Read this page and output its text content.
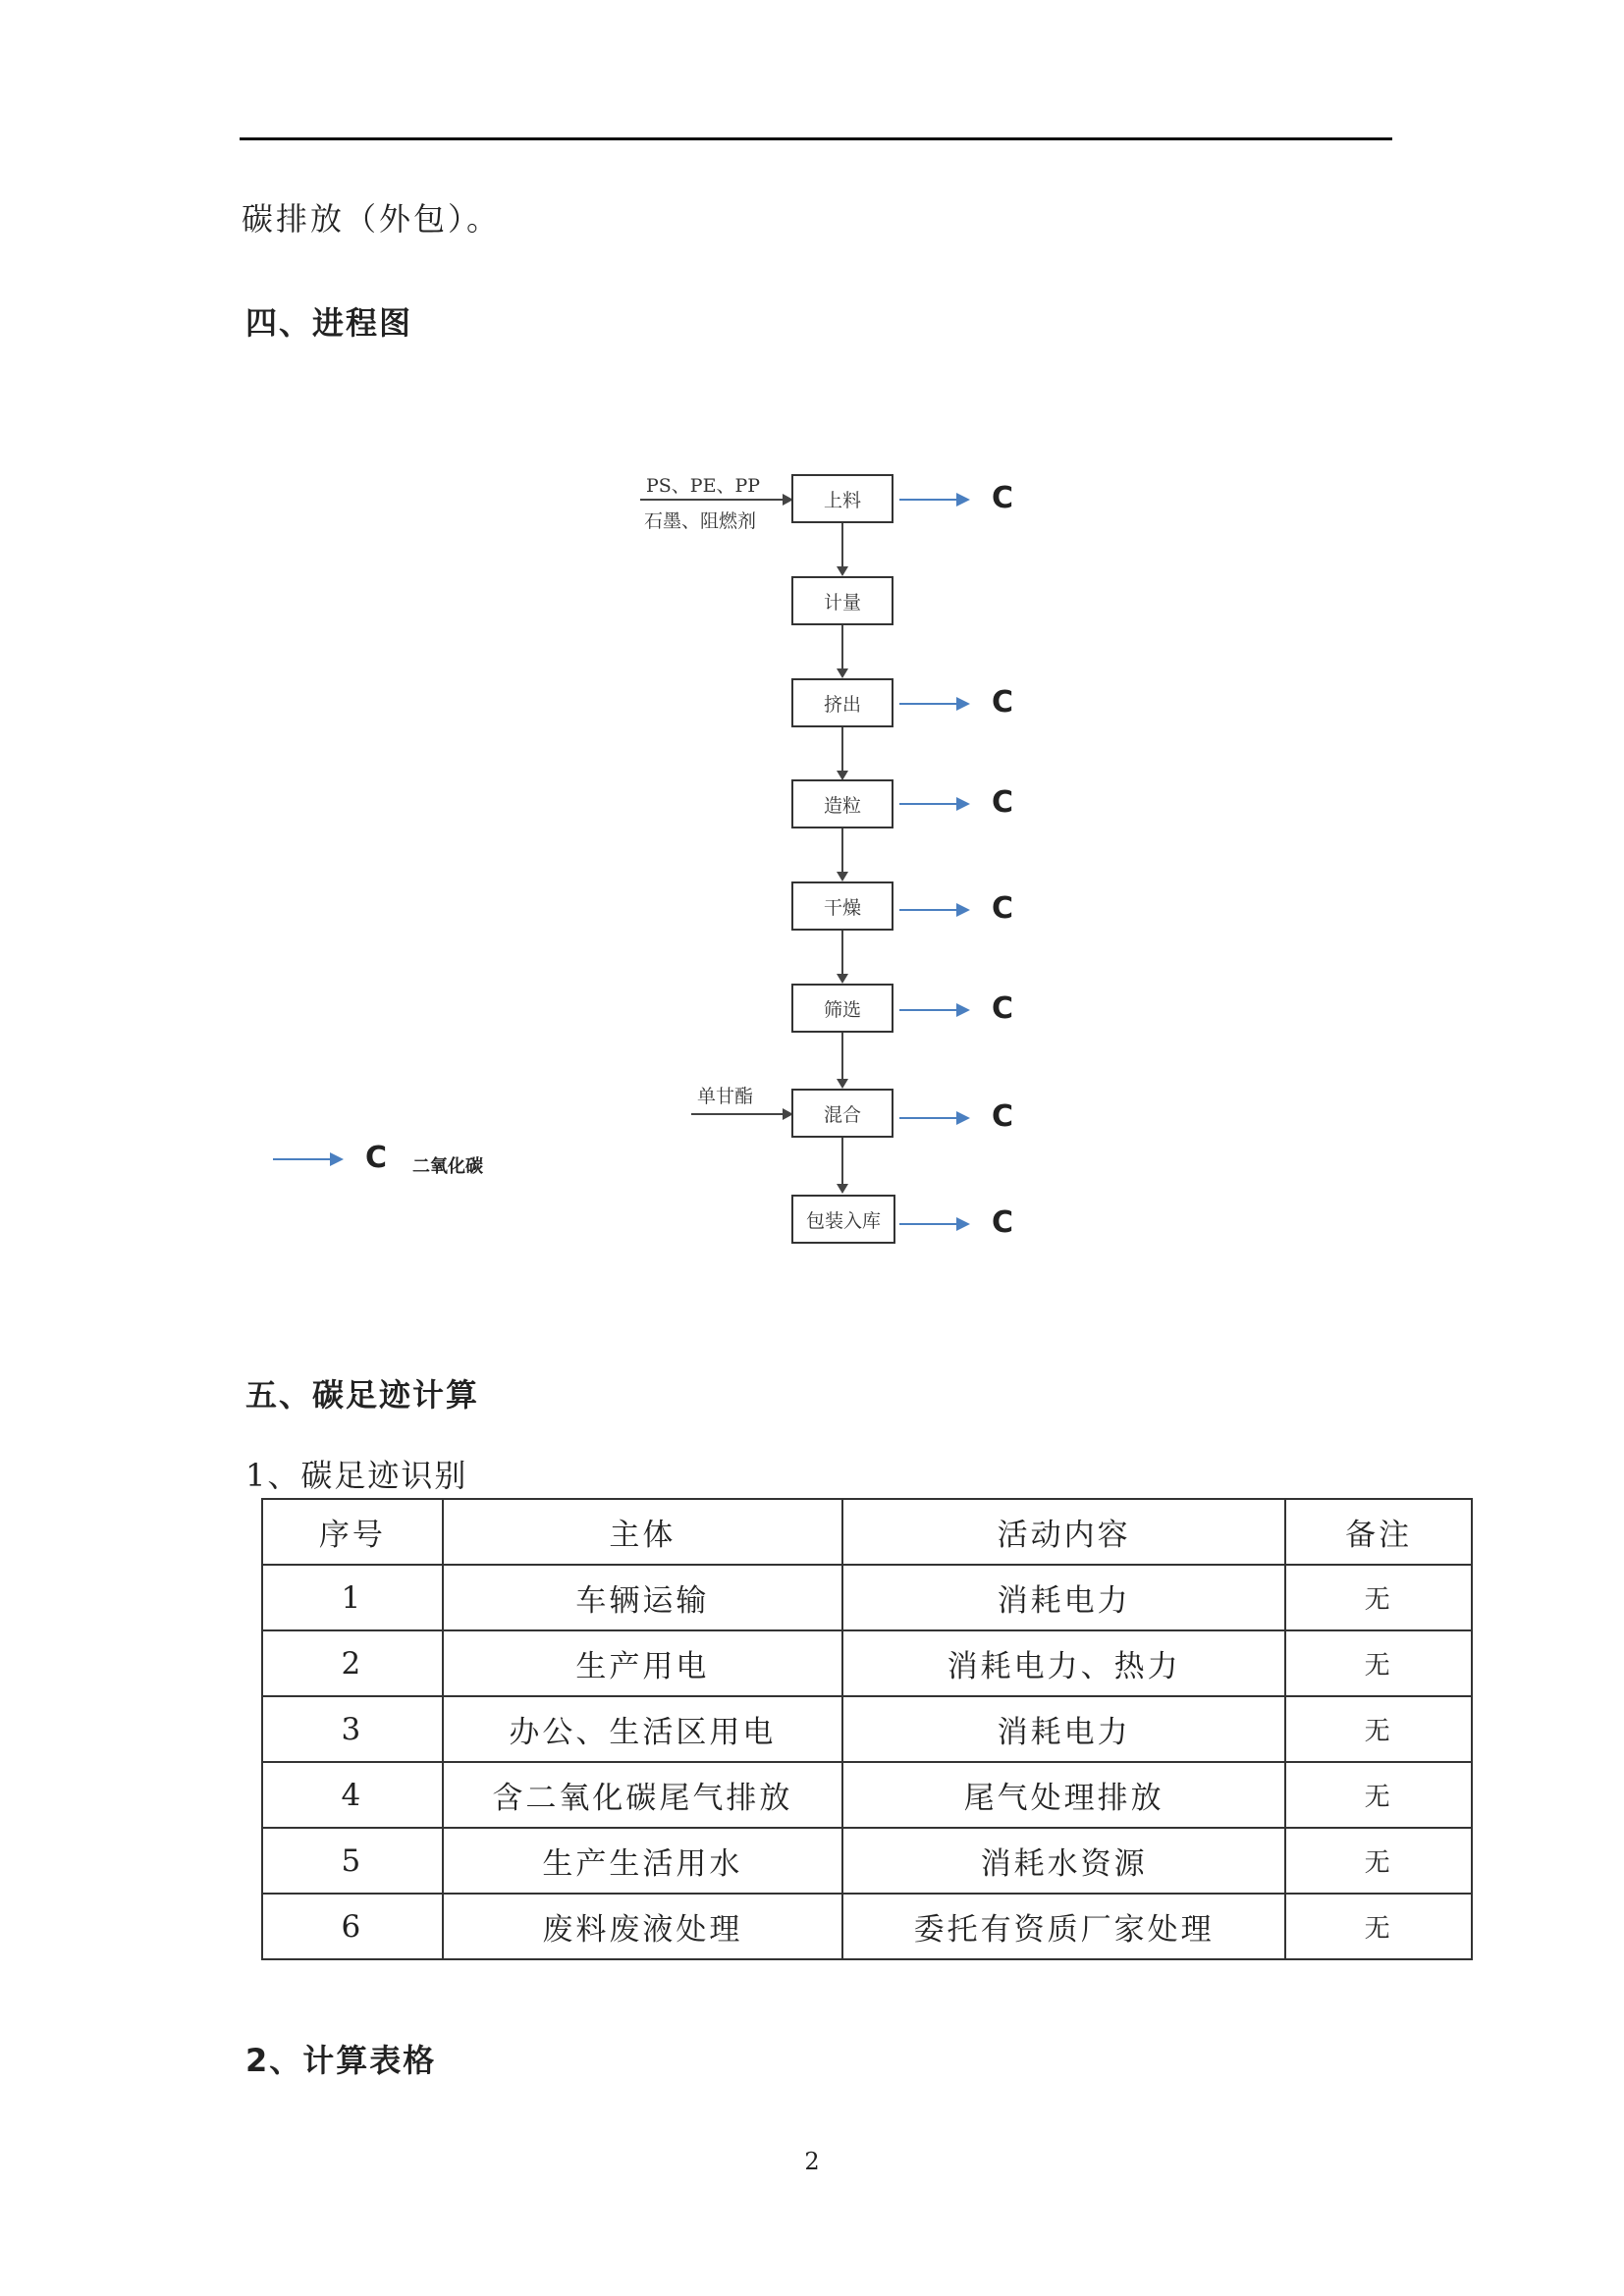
碳排放（外包）。
四、进程图
PS、PE、PP
石墨、阻燃剂
上料	C
计量
挤出	C
造粒	C
干燥	C
筛选	C
单甘酯
混合	C
包装入库	C
C 二氧化碳
五、碳足迹计算
1、碳足迹识别
序号	主体	活动内容	备注
1	车辆运输	消耗电力	无
2	生产用电	消耗电力、热力	无
3	办公、生活区用电	消耗电力	无
4	含二氧化碳尾气排放	尾气处理排放	无
5	生产生活用水	消耗水资源	无
6	废料废液处理	委托有资质厂家处理	无
2、计算表格
2
